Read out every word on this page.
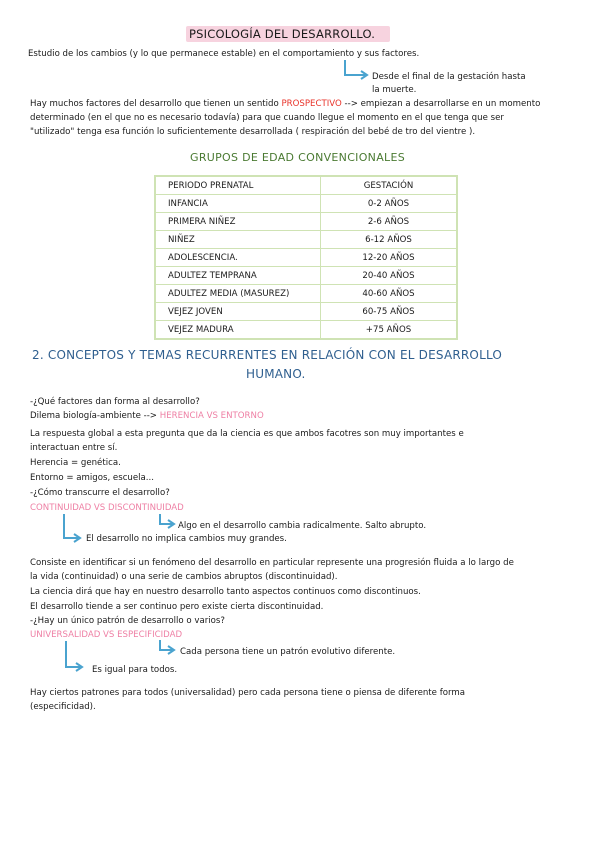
PSICOLOGÍA DEL DESARROLLO.
Estudio de los cambios (y lo que permanece estable) en el comportamiento y sus factores.
Desde el final de la gestación hasta
la muerte.
Hay muchos factores del desarrollo que tienen un sentido PROSPECTIVO --> empiezan a desarrollarse en un momento
determinado (en el que no es necesario todavía) para que cuando llegue el momento en el que tenga que ser
"utilizado" tenga esa función lo suficientemente desarrollada ( respiración del bebé de tro del vientre ).
GRUPOS DE EDAD CONVENCIONALES
PERIODO PRENATAL	GESTACIÓN
INFANCIA	0-2 AÑOS
PRIMERA NIÑEZ	2-6 AÑOS
NIÑEZ	6-12 AÑOS
ADOLESCENCIA.	12-20 AÑOS
ADULTEZ TEMPRANA	20-40 AÑOS
ADULTEZ MEDIA (MASUREZ)	40-60 AÑOS
VEJEZ JOVEN	60-75 AÑOS
VEJEZ MADURA	+75 AÑOS
2. CONCEPTOS Y TEMAS RECURRENTES EN RELACIÓN CON EL DESARROLLO
HUMANO.
-¿Qué factores dan forma al desarrollo?
Dilema biología-ambiente --> HERENCIA VS ENTORNO
La respuesta global a esta pregunta que da la ciencia es que ambos facotres son muy importantes e
interactuan entre sí.
Herencia = genética.
Entorno = amigos, escuela...
-¿Cómo transcurre el desarrollo?
CONTINUIDAD VS DISCONTINUIDAD
Algo en el desarrollo cambia radicalmente. Salto abrupto.
El desarrollo no implica cambios muy grandes.
Consiste en identificar si un fenómeno del desarrollo en particular represente una progresión fluida a lo largo de
la vida (continuidad) o una serie de cambios abruptos (discontinuidad).
La ciencia dirá que hay en nuestro desarrollo tanto aspectos continuos como discontinuos.
El desarrollo tiende a ser continuo pero existe cierta discontinuidad.
-¿Hay un único patrón de desarrollo o varios?
UNIVERSALIDAD VS ESPECIFICIDAD
Cada persona tiene un patrón evolutivo diferente.
Es igual para todos.
Hay ciertos patrones para todos (universalidad) pero cada persona tiene o piensa de diferente forma
(especificidad).
